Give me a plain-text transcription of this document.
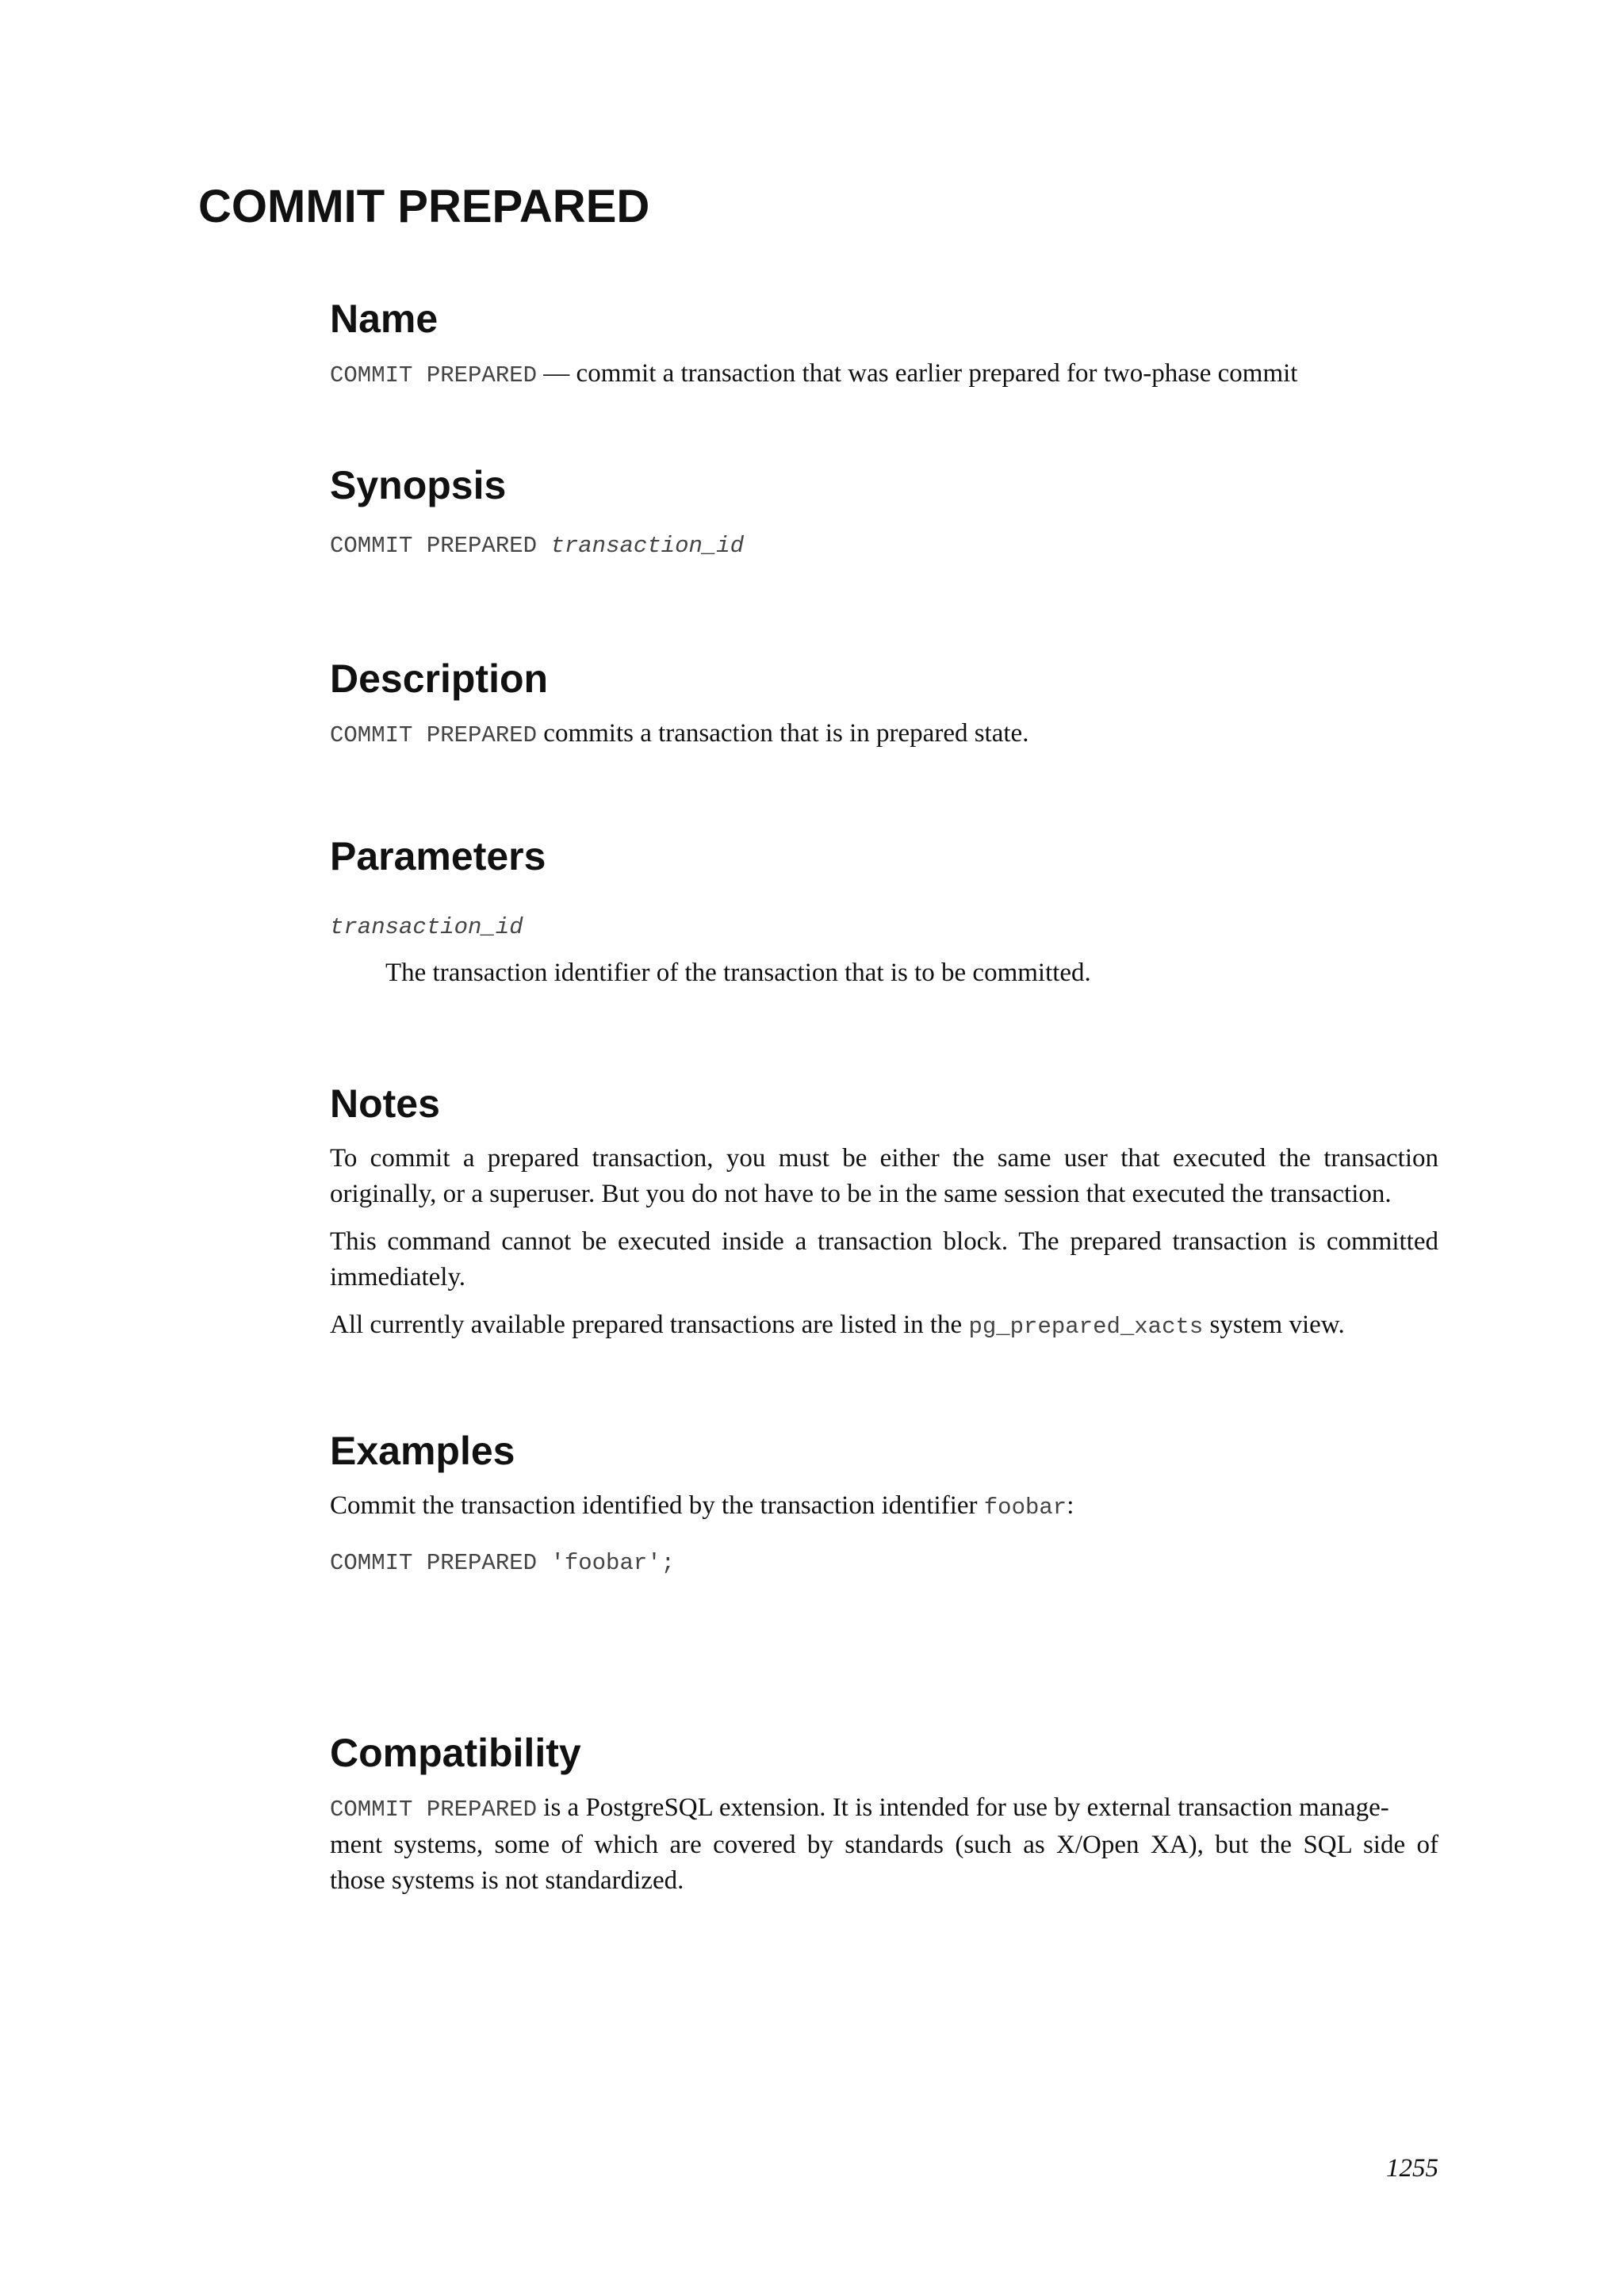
COMMIT PREPARED
Name

COMMIT PREPARED — commit a transaction that was earlier prepared for two-phase commit

Synopsis
COMMIT PREPARED transaction_id
Description

COMMIT PREPARED commits a transaction that is in prepared state.

Parameters
transaction_id
The transaction identifier of the transaction that is to be committed.
Notes

To commit a prepared transaction, you must be either the same user that executed the transaction originally, or a superuser. But you do not have to be in the same session that executed the transaction.

This command cannot be executed inside a transaction block. The prepared transaction is committed immediately.

All currently available prepared transactions are listed in the pg_prepared_xacts system view.

Examples

Commit the transaction identified by the transaction identifier foobar:

COMMIT PREPARED 'foobar';
Compatibility
COMMIT PREPARED is a PostgreSQL extension. It is intended for use by external transaction manage-
ment systems, some of which are covered by standards (such as X/Open XA), but the SQL side of
those systems is not standardized.
1255
